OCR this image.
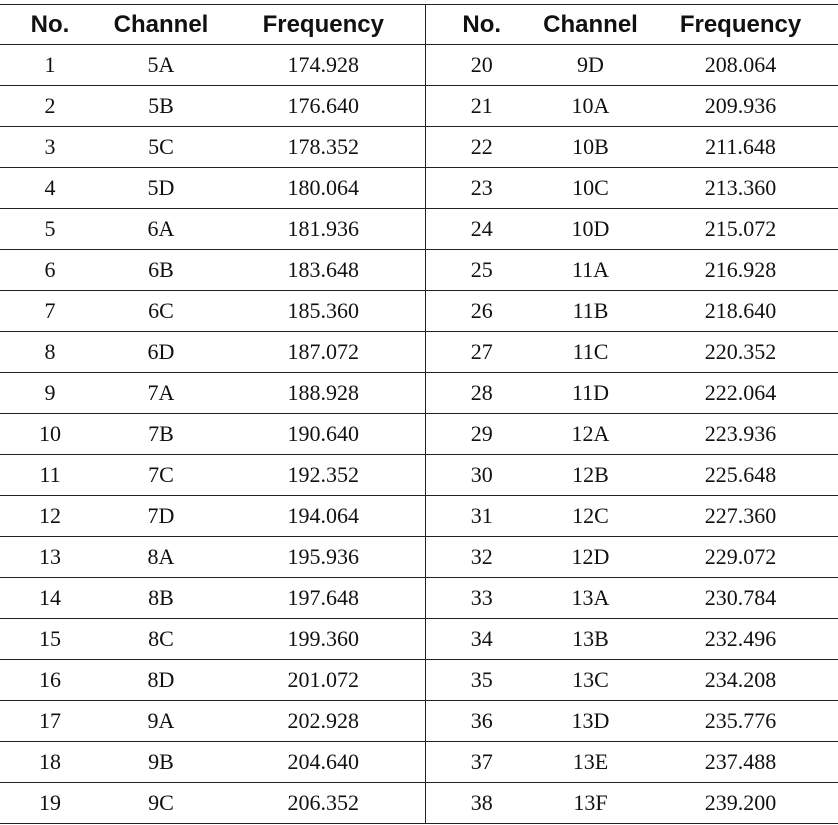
No.	Channel	Frequency	No.	Channel	Frequency
1	5A	174.928	20	9D	208.064
2	5B	176.640	21	10A	209.936
3	5C	178.352	22	10B	211.648
4	5D	180.064	23	10C	213.360
5	6A	181.936	24	10D	215.072
6	6B	183.648	25	11A	216.928
7	6C	185.360	26	11B	218.640
8	6D	187.072	27	11C	220.352
9	7A	188.928	28	11D	222.064
10	7B	190.640	29	12A	223.936
11	7C	192.352	30	12B	225.648
12	7D	194.064	31	12C	227.360
13	8A	195.936	32	12D	229.072
14	8B	197.648	33	13A	230.784
15	8C	199.360	34	13B	232.496
16	8D	201.072	35	13C	234.208
17	9A	202.928	36	13D	235.776
18	9B	204.640	37	13E	237.488
19	9C	206.352	38	13F	239.200
